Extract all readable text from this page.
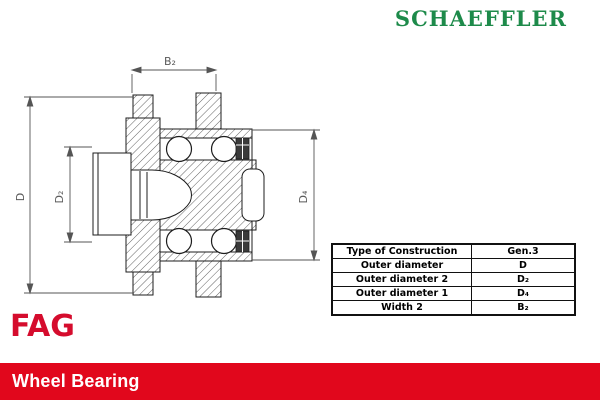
SCHAEFFLER
B₂
D D₂	D₄
Type of Construction	Gen.3
Outer diameter	D
Outer diameter 2	D₂
Outer diameter 1	D₄
Width 2	B₂
FAG
Wheel Bearing
